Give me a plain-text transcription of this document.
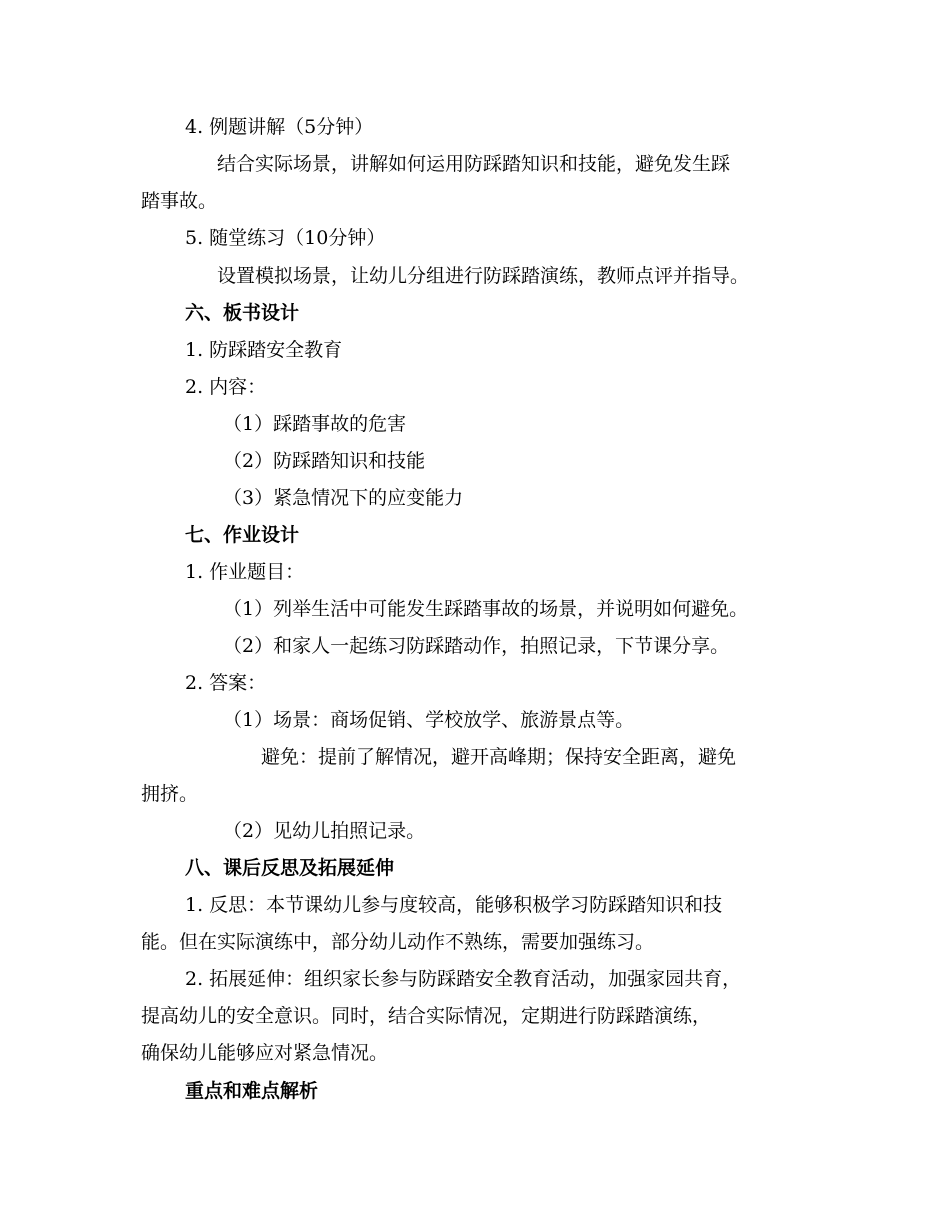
4. 例题讲解（5分钟）

结合实际场景，讲解如何运用防踩踏知识和技能，避免发生踩

踏事故。

5. 随堂练习（10分钟）

设置模拟场景，让幼儿分组进行防踩踏演练，教师点评并指导。

六、板书设计

1. 防踩踏安全教育

2. 内容：

（1）踩踏事故的危害

（2）防踩踏知识和技能

（3）紧急情况下的应变能力

七、作业设计

1. 作业题目：

（1）列举生活中可能发生踩踏事故的场景，并说明如何避免。

（2）和家人一起练习防踩踏动作，拍照记录，下节课分享。

2. 答案：

（1）场景：商场促销、学校放学、旅游景点等。

避免：提前了解情况，避开高峰期；保持安全距离，避免

拥挤。

（2）见幼儿拍照记录。

八、课后反思及拓展延伸

1. 反思：本节课幼儿参与度较高，能够积极学习防踩踏知识和技

能。但在实际演练中，部分幼儿动作不熟练，需要加强练习。

2. 拓展延伸：组织家长参与防踩踏安全教育活动，加强家园共育，

提高幼儿的安全意识。同时，结合实际情况，定期进行防踩踏演练，

确保幼儿能够应对紧急情况。

重点和难点解析
